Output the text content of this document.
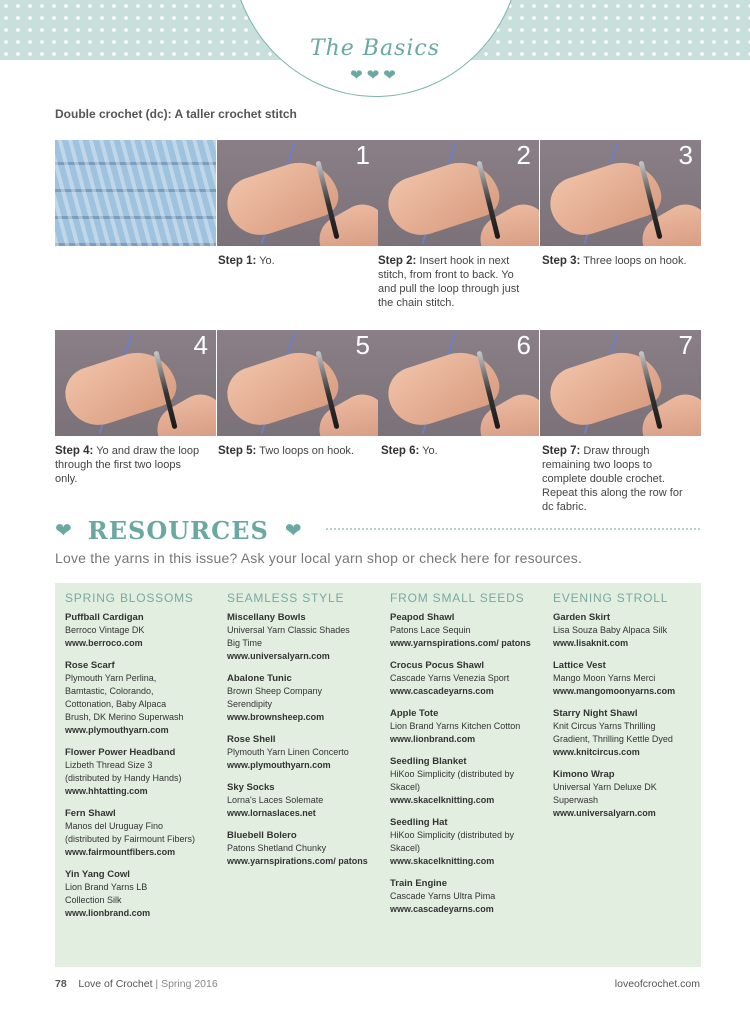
The Basics
❤❤❤
Double crochet (dc): A taller crochet stitch
1	2	3
Step 1: Yo.	Step 2: Insert hook in next stitch, from front to back. Yo and pull the loop through just the chain stitch.
Step 3: Three loops on hook.
4	5	6	7
Step 4: Yo and draw the loop through the first two loops only.
Step 5: Two loops on hook.	Step 6: Yo.	Step 7: Draw through remaining two loops to complete double crochet. Repeat this along the row for dc fabric.
❤ RESOURCES ❤
Love the yarns in this issue? Ask your local yarn shop or check here for resources.
SPRING BLOSSOMS
Puffball Cardigan
Berroco Vintage DK
www.berroco.com
Rose Scarf
Plymouth Yarn Perlina,
Bamtastic, Colorando,
Cottonation, Baby Alpaca
Brush, DK Merino Superwash
www.plymouthyarn.com
Flower Power Headband
Lizbeth Thread Size 3
(distributed by Handy Hands)
www.hhtatting.com
Fern Shawl
Manos del Uruguay Fino
(distributed by Fairmount Fibers)
www.fairmountfibers.com
Yin Yang Cowl
Lion Brand Yarns LB
Collection Silk
www.lionbrand.com
SEAMLESS STYLE
Miscellany Bowls
Universal Yarn Classic Shades
Big Time
www.universalyarn.com
Abalone Tunic
Brown Sheep Company
Serendipity
www.brownsheep.com
Rose Shell
Plymouth Yarn Linen Concerto
www.plymouthyarn.com
Sky Socks
Lorna's Laces Solemate
www.lornaslaces.net
Bluebell Bolero
Patons Shetland Chunky
www.yarnspirations.com/ patons
FROM SMALL SEEDS
Peapod Shawl
Patons Lace Sequin
www.yarnspirations.com/ patons
Crocus Pocus Shawl
Cascade Yarns Venezia Sport
www.cascadeyarns.com
Apple Tote
Lion Brand Yarns Kitchen Cotton
www.lionbrand.com
Seedling Blanket
HiKoo Simplicity (distributed by
Skacel)
www.skacelknitting.com
Seedling Hat
HiKoo Simplicity (distributed by
Skacel)
www.skacelknitting.com
Train Engine
Cascade Yarns Ultra Pima
www.cascadeyarns.com
EVENING STROLL
Garden Skirt
Lisa Souza Baby Alpaca Silk
www.lisaknit.com
Lattice Vest
Mango Moon Yarns Merci
www.mangomoonyarns.com
Starry Night Shawl
Knit Circus Yarns Thrilling
Gradient, Thrilling Kettle Dyed
www.knitcircus.com
Kimono Wrap
Universal Yarn Deluxe DK
Superwash
www.universalyarn.com
78 Love of Crochet | Spring 2016	loveofcrochet.com
